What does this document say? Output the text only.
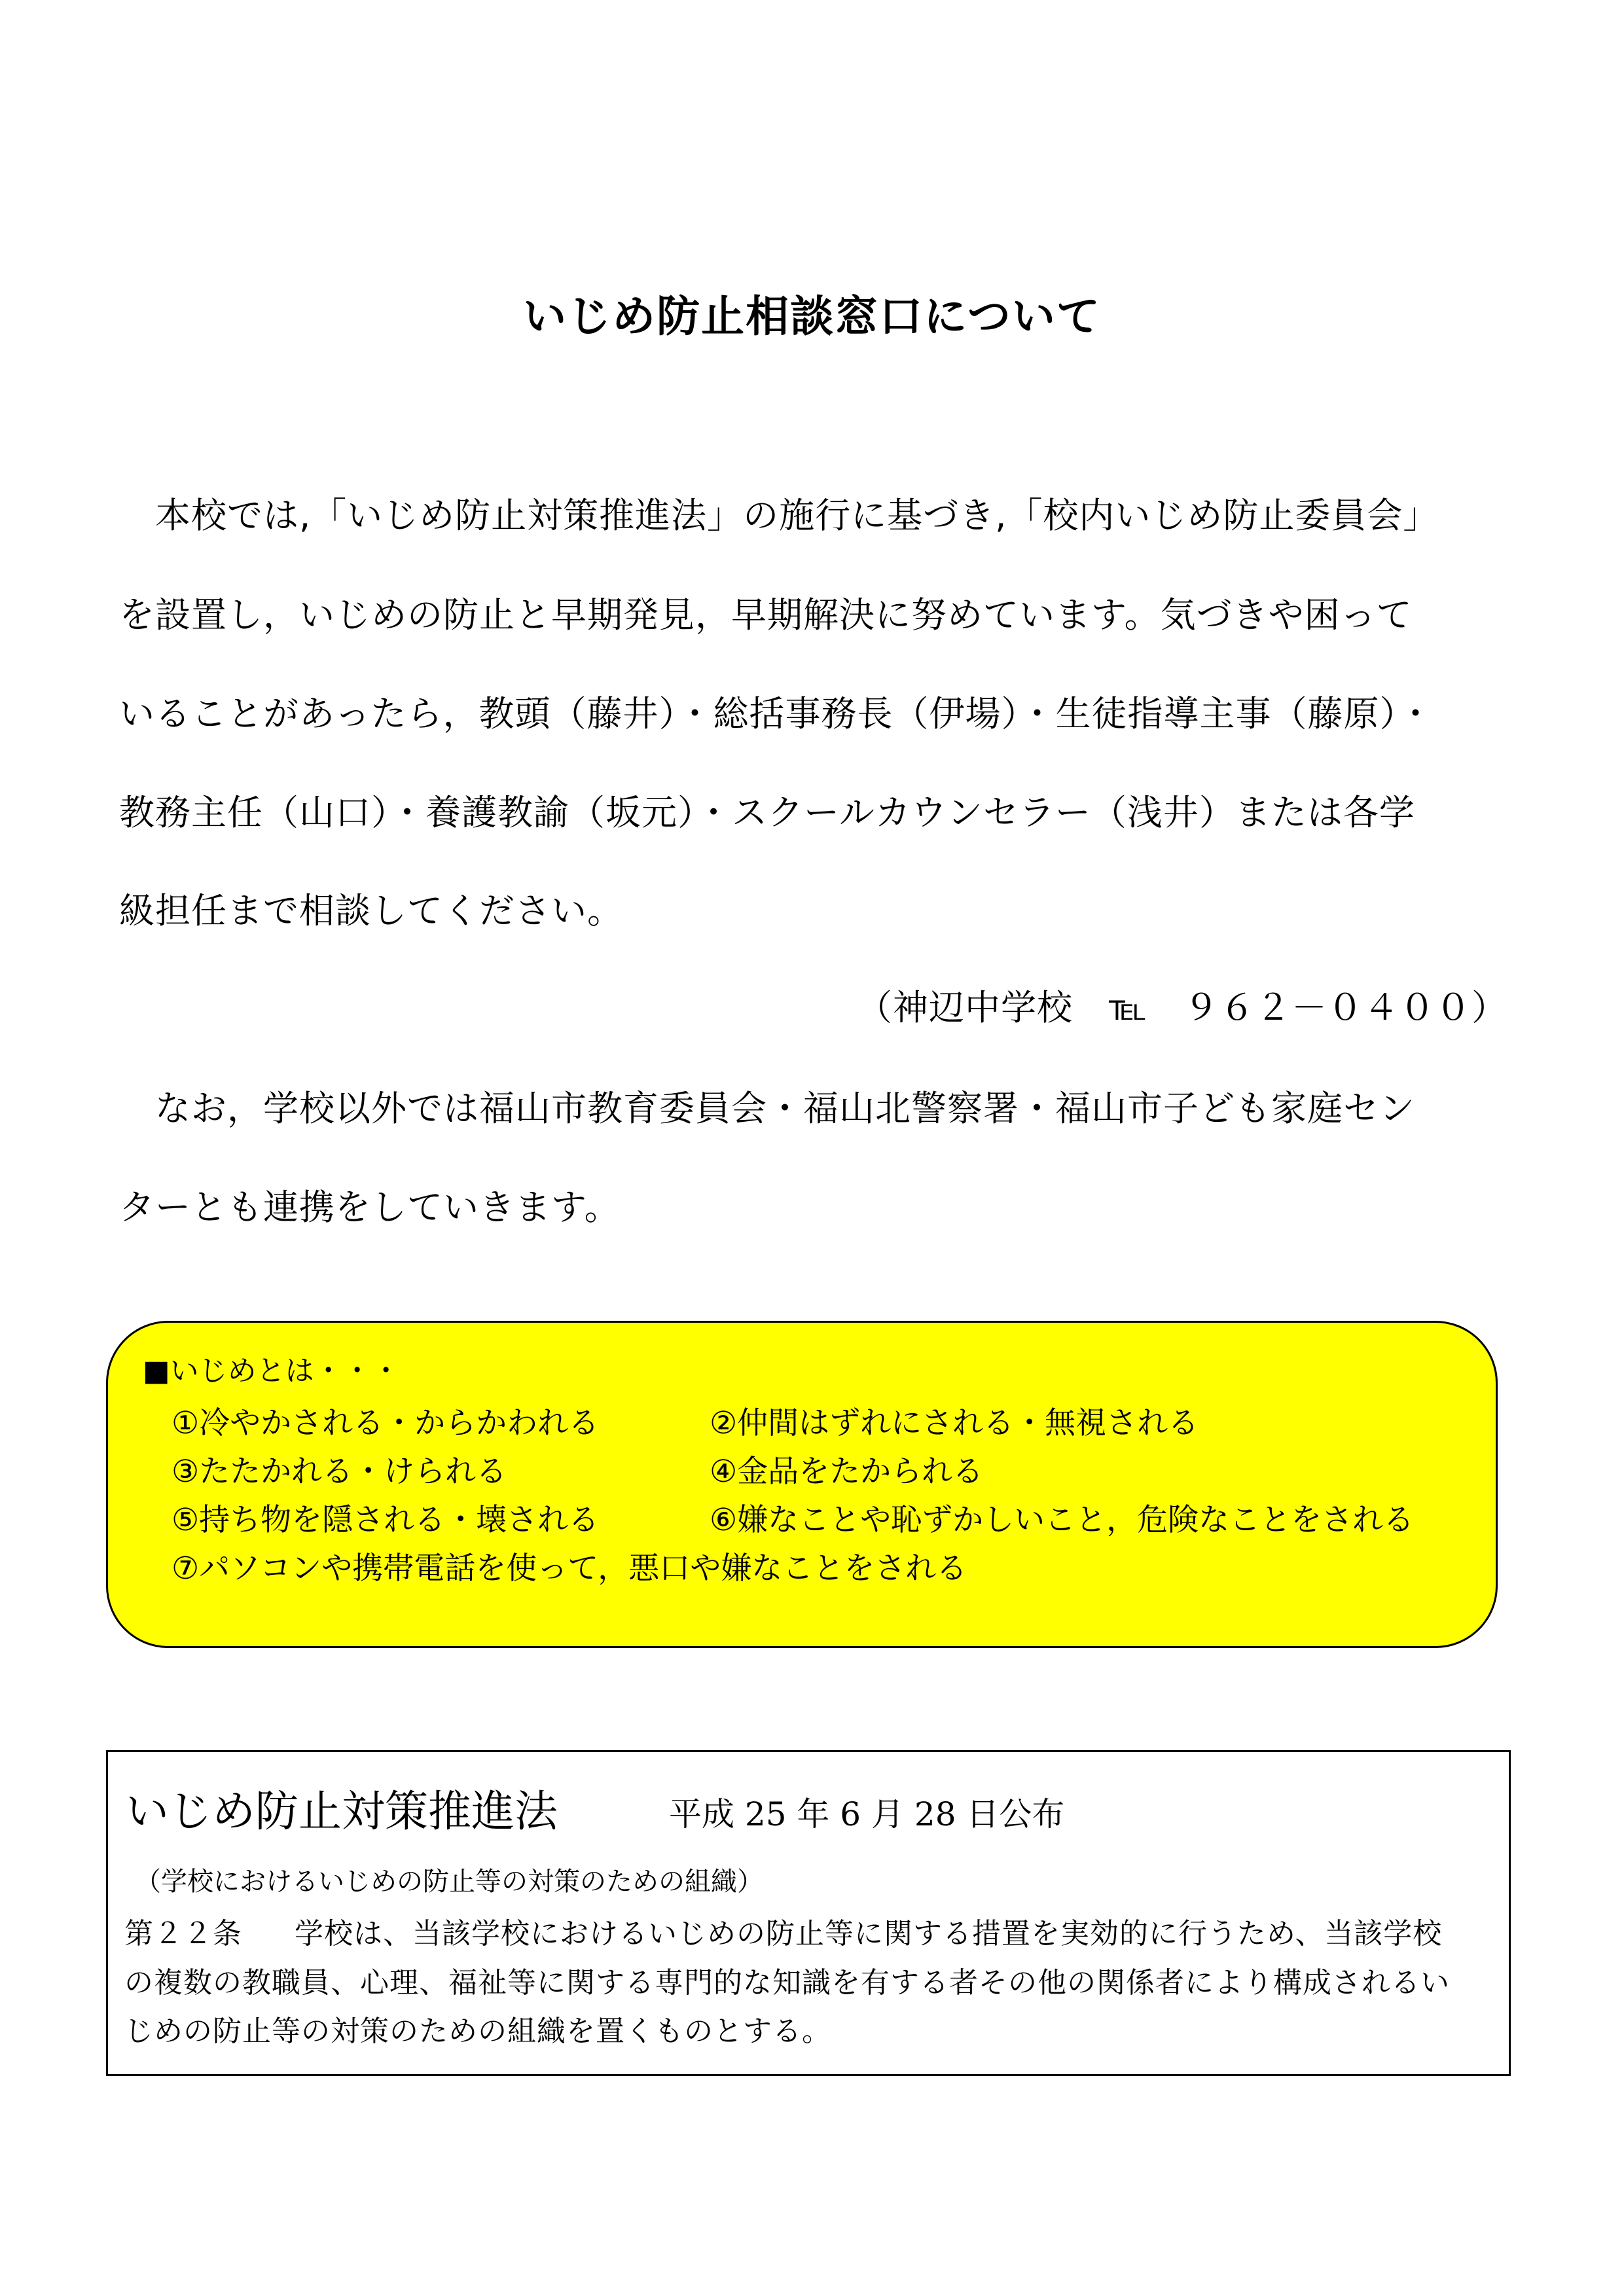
いじめ防止相談窓口について
　本校では,「いじめ防止対策推進法」の施行に基づき,「校内いじめ防止委員会」
を設置し，いじめの防止と早期発見，早期解決に努めています。気づきや困って
いることがあったら，教頭（藤井）・総括事務長（伊場）・生徒指導主事（藤原）・
教務主任（山口）・養護教諭（坂元）・スクールカウンセラー（浅井）または各学
級担任まで相談してください。
（神辺中学校　℡　９６２－０４００）
　なお，学校以外では福山市教育委員会・福山北警察署・福山市子ども家庭セン
ターとも連携をしていきます。
■いじめとは・・・
①冷やかされる・からかわれる	②仲間はずれにされる・無視される
③たたかれる・けられる	④金品をたかられる
⑤持ち物を隠される・壊される	⑥嫌なことや恥ずかしいこと，危険なことをされる
⑦パソコンや携帯電話を使って，悪口や嫌なことをされる
いじめ防止対策推進法	平成 25 年 6 月 28 日公布
（学校におけるいじめの防止等の対策のための組織）
第２２条 学校は、当該学校におけるいじめの防止等に関する措置を実効的に行うため、当該学校
の複数の教職員、心理、福祉等に関する専門的な知識を有する者その他の関係者により構成されるい
じめの防止等の対策のための組織を置くものとする。
